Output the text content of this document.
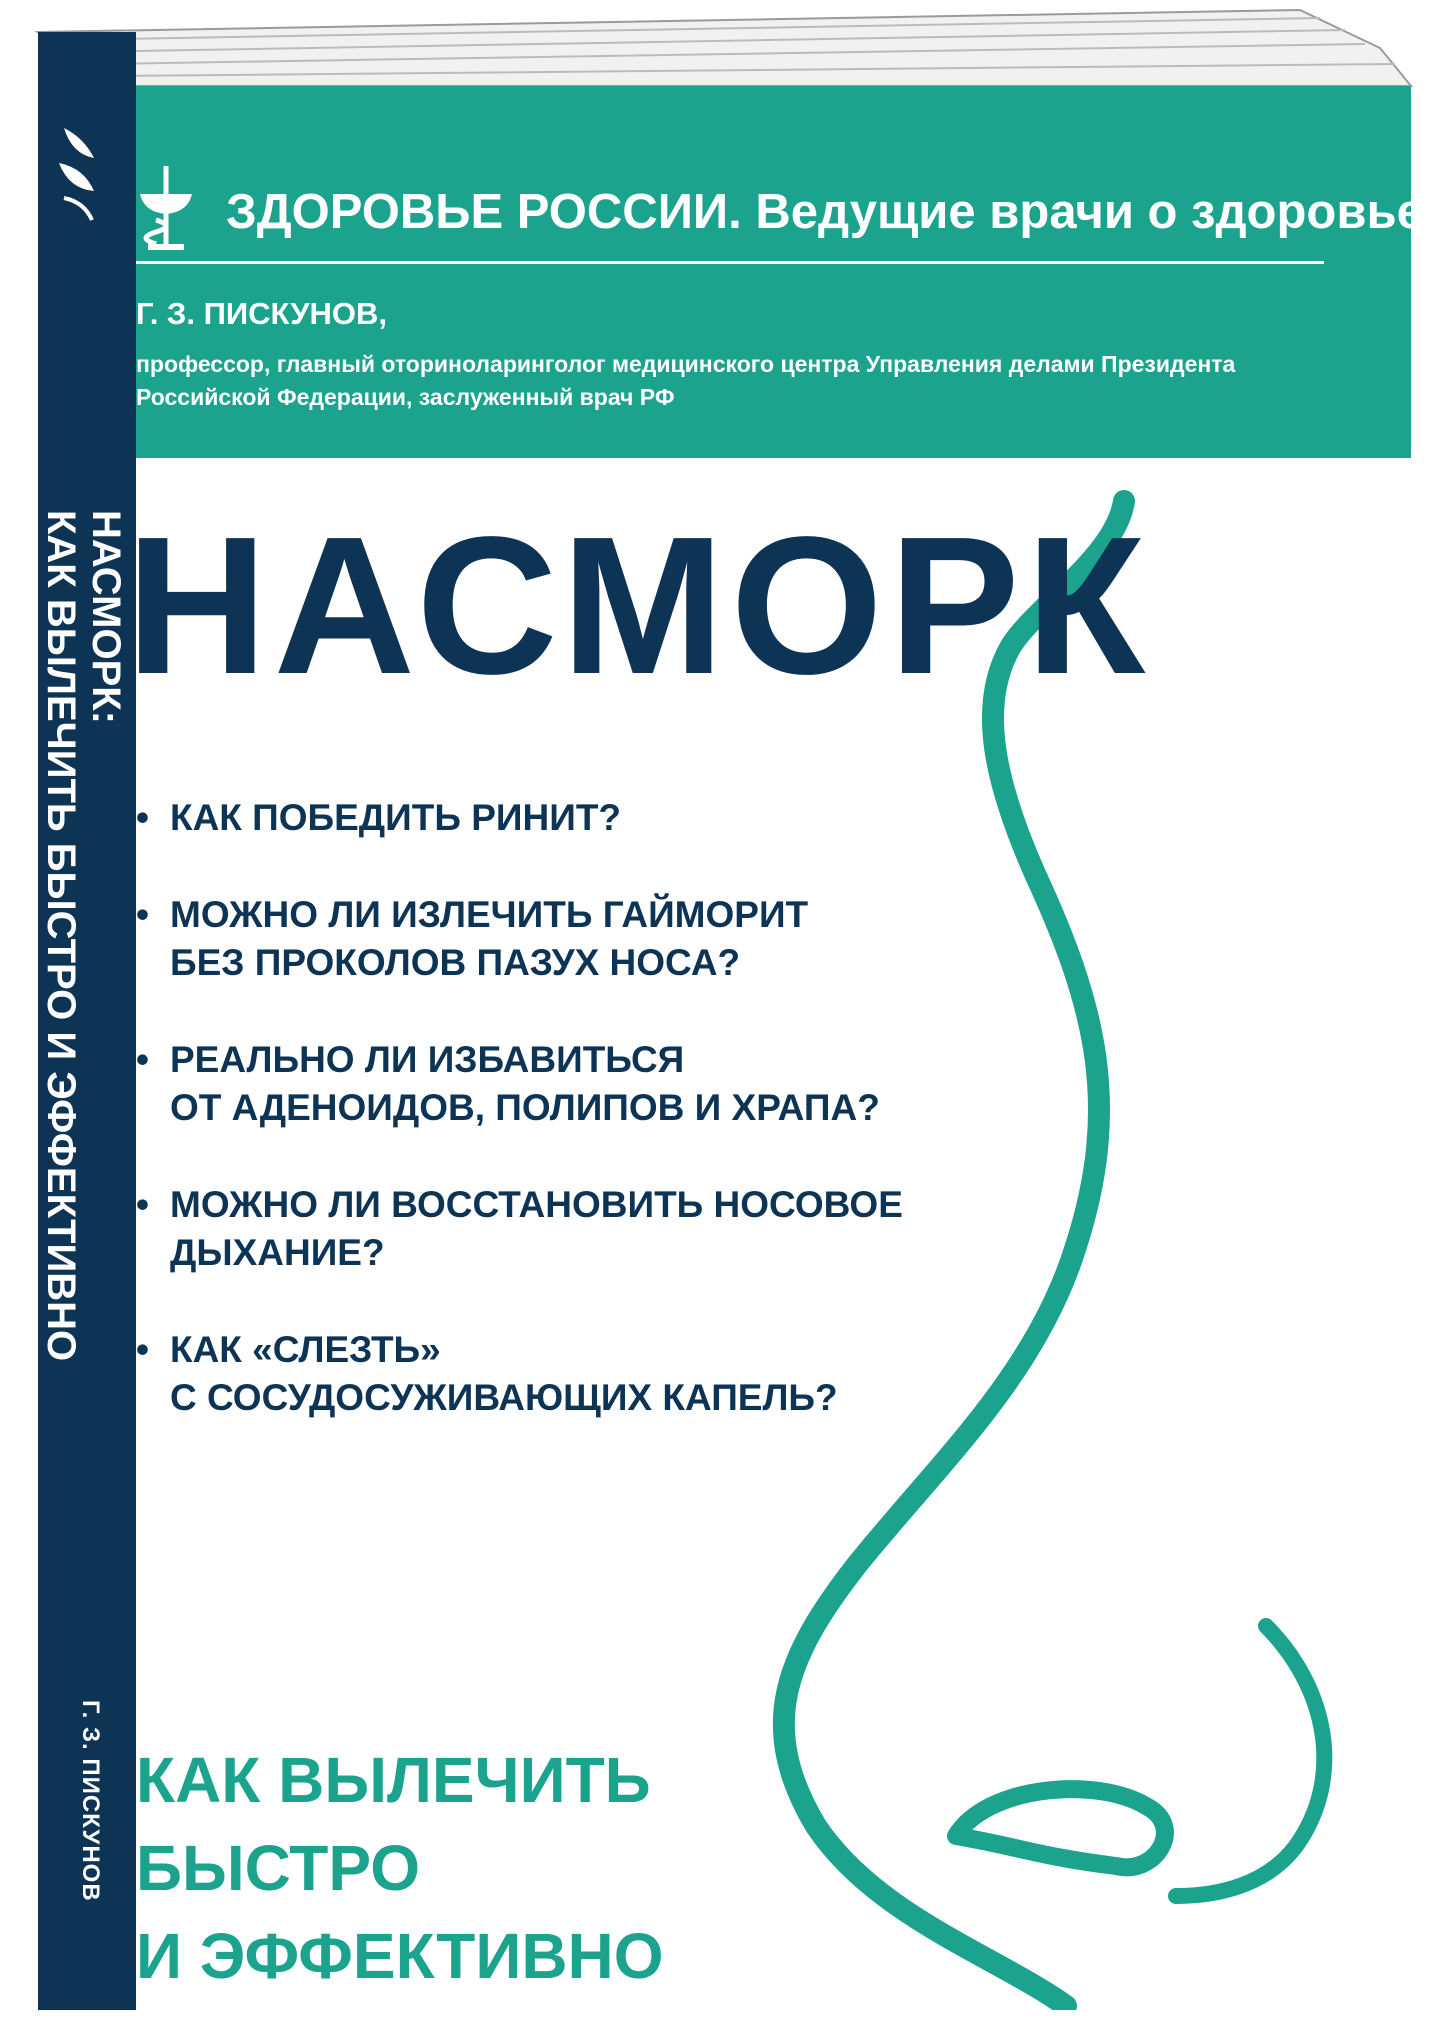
НАСМОРК:
КАК ВЫЛЕЧИТЬ БЫСТРО И ЭФФЕКТИВНО
Г. З. ПИСКУНОВ
ЗДОРОВЬЕ РОССИИ. Ведущие врачи о здоровье
Г. З. ПИСКУНОВ,
профессор, главный оториноларинголог медицинского центра Управления делами Президента Российской Федерации, заслуженный врач РФ
НАСМОРК
• КАК ПОБЕДИТЬ РИНИТ?
• МОЖНО ЛИ ИЗЛЕЧИТЬ ГАЙМОРИТ
БЕЗ ПРОКОЛОВ ПАЗУХ НОСА?
• РЕАЛЬНО ЛИ ИЗБАВИТЬСЯ
ОТ АДЕНОИДОВ, ПОЛИПОВ И ХРАПА?
• МОЖНО ЛИ ВОССТАНОВИТЬ НОСОВОЕ
ДЫХАНИЕ?
• КАК «СЛЕЗТЬ»
С СОСУДОСУЖИВАЮЩИХ КАПЕЛЬ?
КАК ВЫЛЕЧИТЬ
БЫСТРО
И ЭФФЕКТИВНО
